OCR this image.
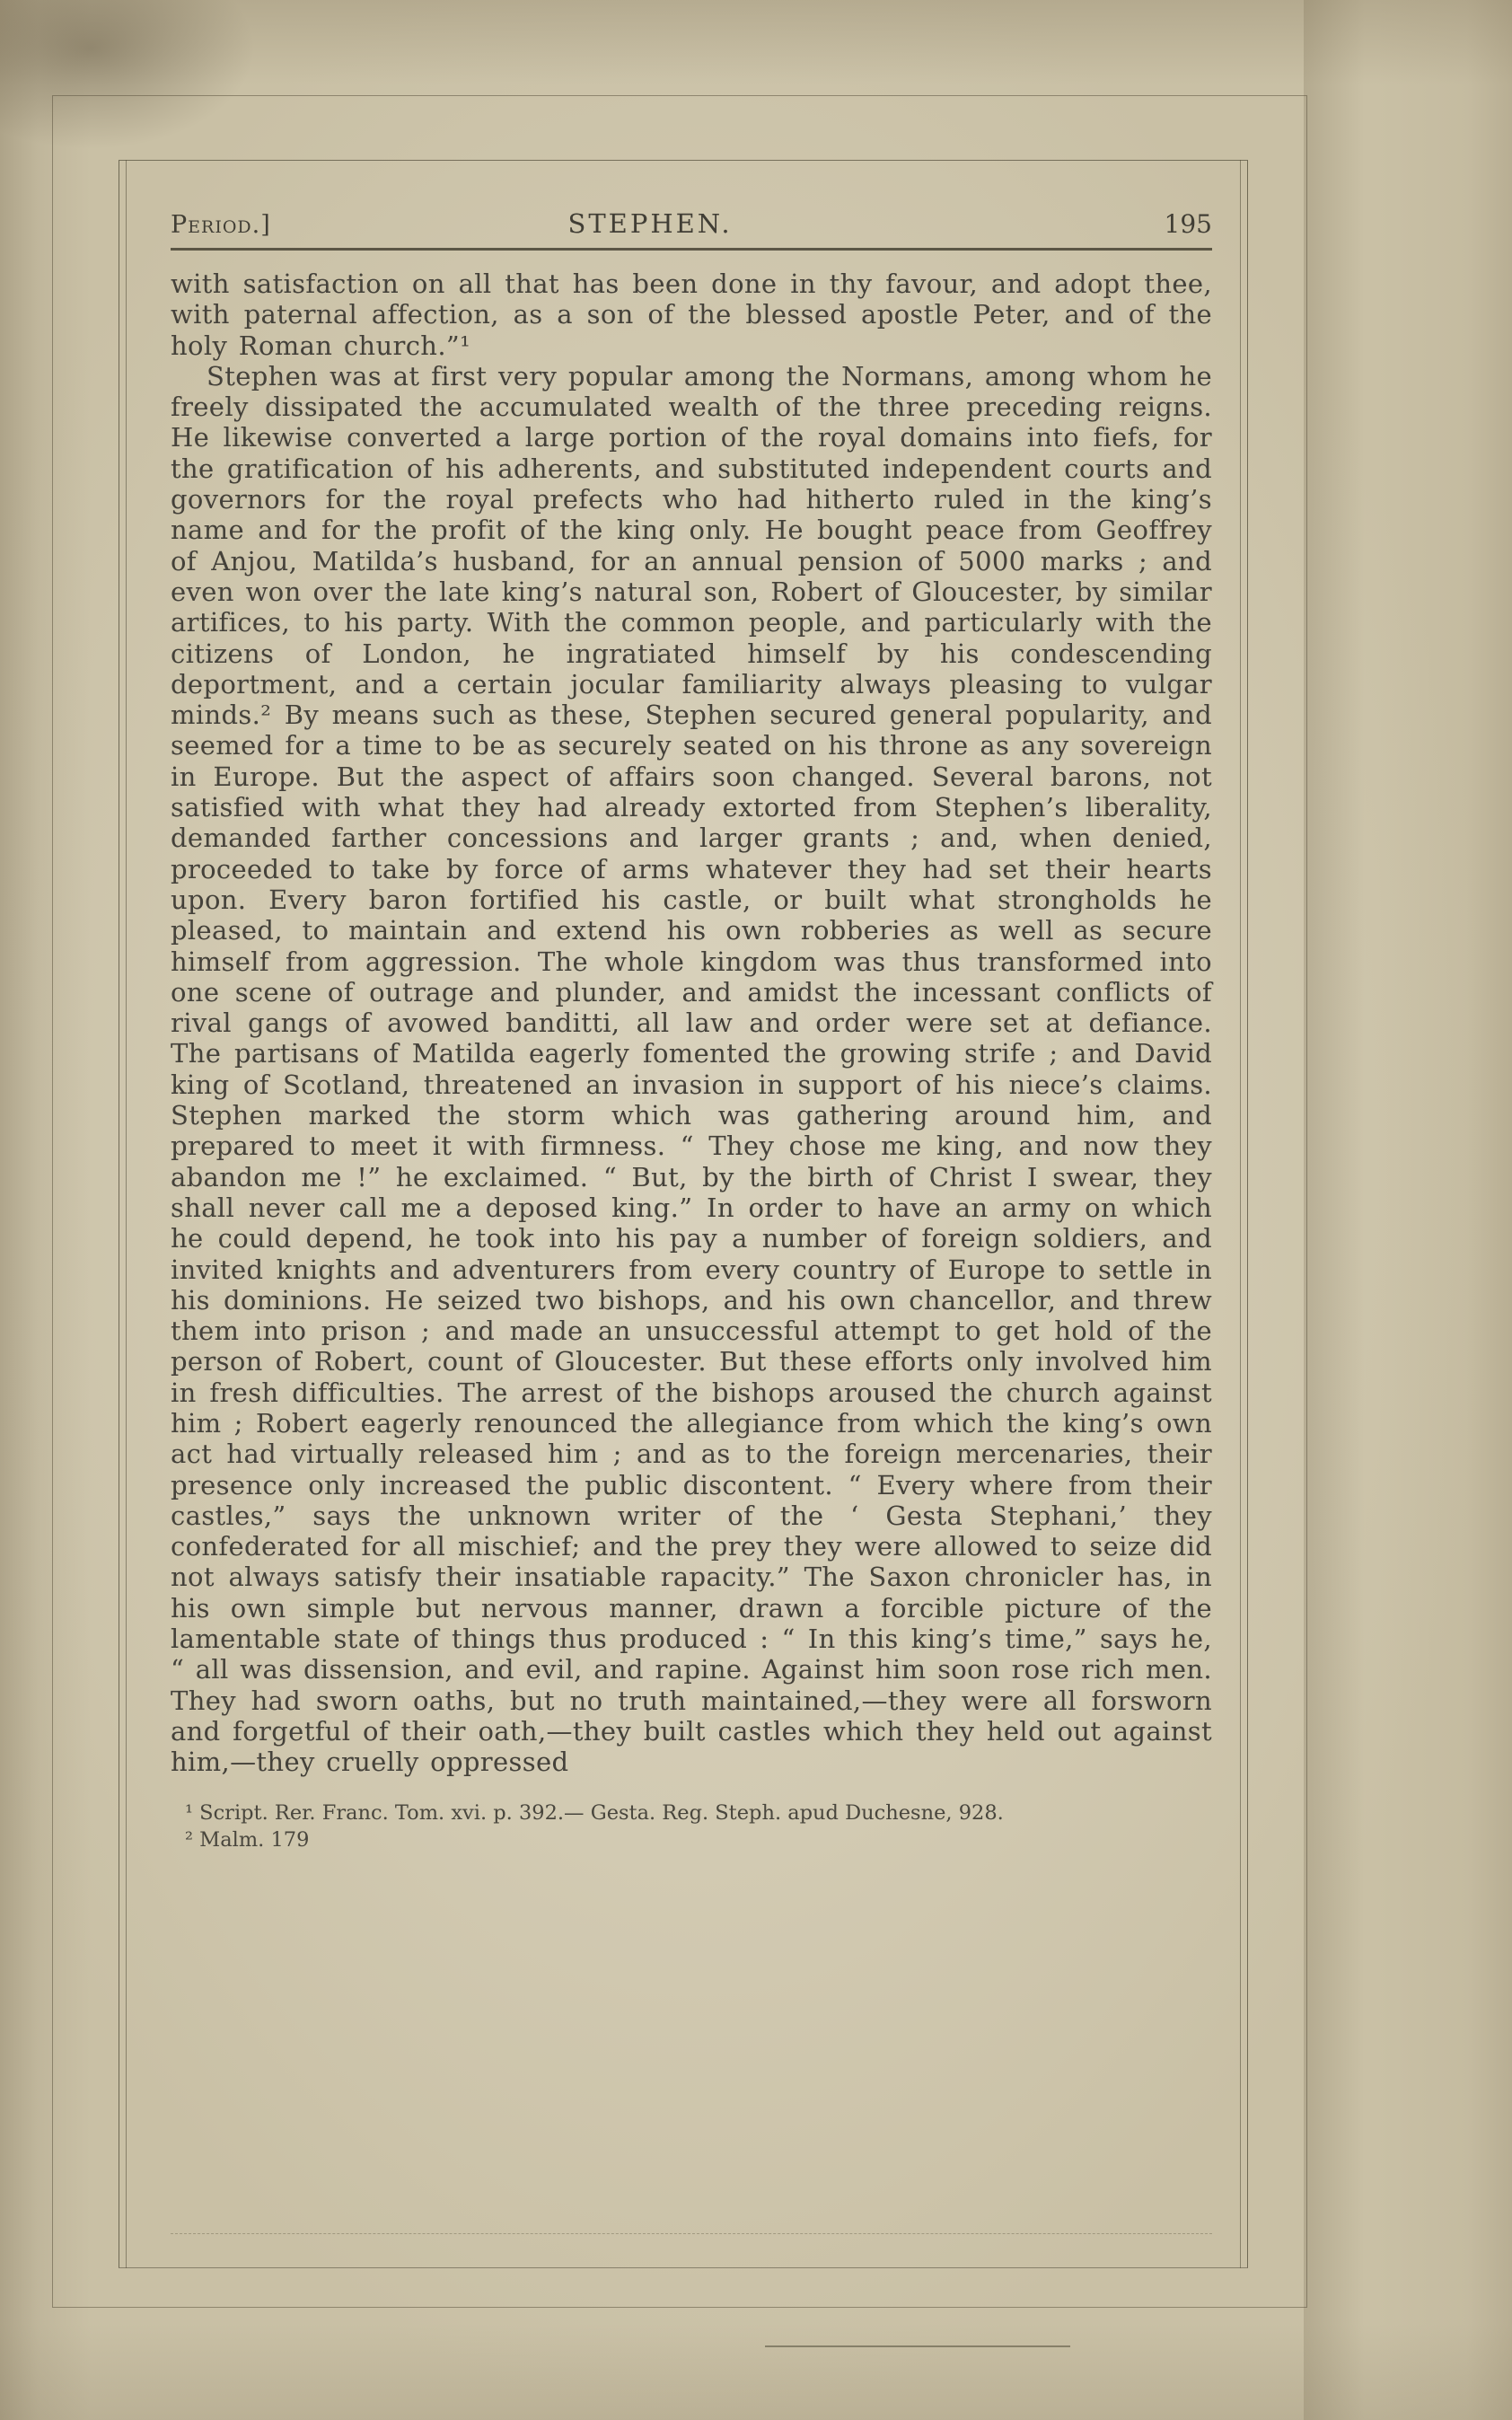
Period.]	STEPHEN.	195

with satisfaction on all that has been done in thy favour, and adopt thee, with paternal affection, as a son of the blessed apostle Peter, and of the holy Roman church.”¹

Stephen was at first very popular among the Normans, among whom he freely dissipated the accumulated wealth of the three preceding reigns. He likewise converted a large portion of the royal domains into fiefs, for the gratification of his adherents, and substituted independent courts and governors for the royal prefects who had hitherto ruled in the king’s name and for the profit of the king only. He bought peace from Geoffrey of Anjou, Matilda’s husband, for an annual pension of 5000 marks ; and even won over the late king’s natural son, Robert of Gloucester, by similar artifices, to his party. With the common people, and particularly with the citizens of London, he ingratiated himself by his condescending deportment, and a certain jocular familiarity always pleasing to vulgar minds.² By means such as these, Stephen secured general popularity, and seemed for a time to be as securely seated on his throne as any sovereign in Europe. But the aspect of affairs soon changed. Several barons, not satisfied with what they had already extorted from Stephen’s liberality, demanded farther concessions and larger grants ; and, when denied, proceeded to take by force of arms whatever they had set their hearts upon. Every baron fortified his castle, or built what strongholds he pleased, to maintain and extend his own robberies as well as secure himself from aggression. The whole kingdom was thus transformed into one scene of outrage and plunder, and amidst the incessant conflicts of rival gangs of avowed banditti, all law and order were set at defiance. The partisans of Matilda eagerly fomented the growing strife ; and David king of Scotland, threatened an invasion in support of his niece’s claims. Stephen marked the storm which was gathering around him, and prepared to meet it with firmness. “ They chose me king, and now they abandon me !” he exclaimed. “ But, by the birth of Christ I swear, they shall never call me a deposed king.” In order to have an army on which he could depend, he took into his pay a number of foreign soldiers, and invited knights and adventurers from every country of Europe to settle in his dominions. He seized two bishops, and his own chancellor, and threw them into prison ; and made an unsuccessful attempt to get hold of the person of Robert, count of Gloucester. But these efforts only involved him in fresh difficulties. The arrest of the bishops aroused the church against him ; Robert eagerly renounced the allegiance from which the king’s own act had virtually released him ; and as to the foreign mercenaries, their presence only increased the public discontent. “ Every where from their castles,” says the unknown writer of the ‘ Gesta Stephani,’ they confederated for all mischief; and the prey they were allowed to seize did not always satisfy their insatiable rapacity.” The Saxon chronicler has, in his own simple but nervous manner, drawn a forcible picture of the lamentable state of things thus produced : “ In this king’s time,” says he, “ all was dissension, and evil, and rapine. Against him soon rose rich men. They had sworn oaths, but no truth maintained,—they were all forsworn and forgetful of their oath,—they built castles which they held out against him,—they cruelly oppressed

¹ Script. Rer. Franc. Tom. xvi. p. 392.— Gesta. Reg. Steph. apud Duchesne, 928.

² Malm. 179
